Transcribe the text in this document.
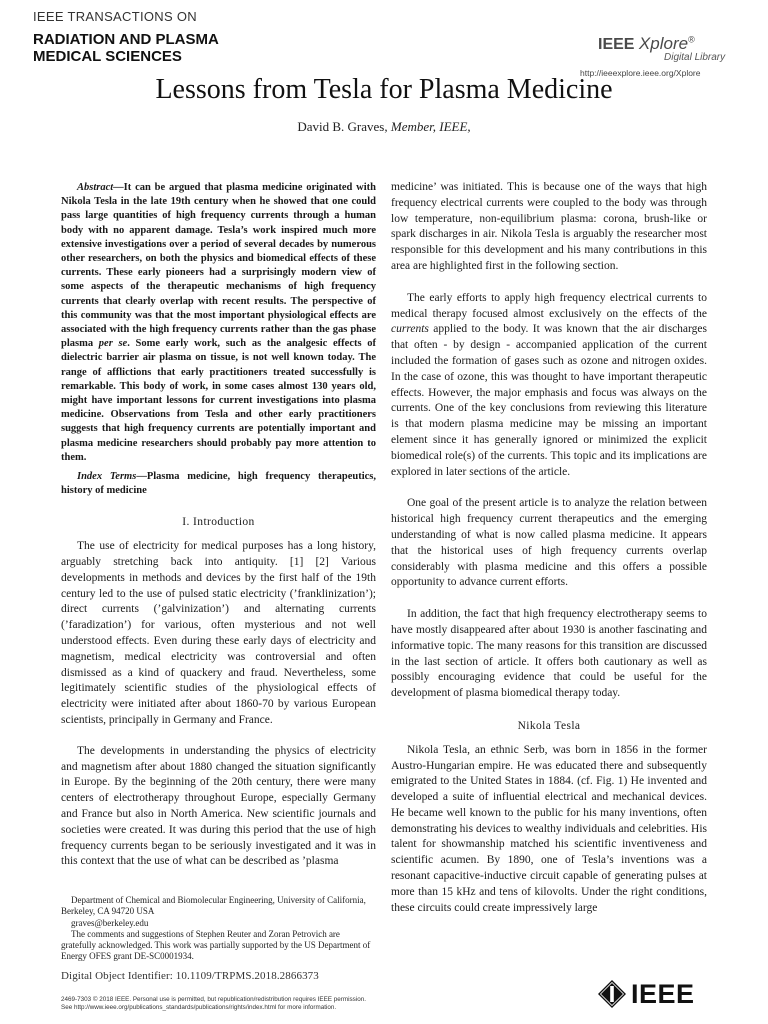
IEEE TRANSACTIONS ON
RADIATION AND PLASMA
MEDICAL SCIENCES
IEEE Xplore®
Digital Library
http://ieeexplore.ieee.org/Xplore
Lessons from Tesla for Plasma Medicine
David B. Graves, Member, IEEE,

Abstract—It can be argued that plasma medicine originated with Nikola Tesla in the late 19th century when he showed that one could pass large quantities of high frequency currents through a human body with no apparent damage. Tesla’s work inspired much more extensive investigations over a period of several decades by numerous other researchers, on both the physics and biomedical effects of these currents. These early pioneers had a surprisingly modern view of some aspects of the therapeutic mechanisms of high frequency currents that clearly overlap with recent results. The perspective of this community was that the most important physiological effects are associated with the high frequency currents rather than the gas phase plasma per se. Some early work, such as the analgesic effects of dielectric barrier air plasma on tissue, is not well known today. The range of afflictions that early practitioners treated successfully is remarkable. This body of work, in some cases almost 130 years old, might have important lessons for current investigations into plasma medicine. Observations from Tesla and other early practitioners suggests that high frequency currents are potentially important and plasma medicine researchers should probably pay more attention to them.

Index Terms—Plasma medicine, high frequency therapeutics, history of medicine

I. Introduction

The use of electricity for medical purposes has a long history, arguably stretching back into antiquity. [1] [2] Various developments in methods and devices by the first half of the 19th century led to the use of pulsed static electricity (’franklinization’); direct currents (’galvinization’) and alternating currents (’faradization’) for various, often mysterious and not well understood effects. Even during these early days of electricity and magnetism, medical electricity was controversial and often dismissed as a kind of quackery and fraud. Nevertheless, some legitimately scientific studies of the physiological effects of electricity were initiated after about 1860-70 by various European scientists, principally in Germany and France.

The developments in understanding the physics of electricity and magnetism after about 1880 changed the situation significantly in Europe. By the beginning of the 20th century, there were many centers of electrotherapy throughout Europe, especially Germany and France but also in North America. New scientific journals and societies were created. It was during this period that the use of high frequency currents began to be seriously investigated and it was in this context that the use of what can be described as ’plasma

medicine’ was initiated. This is because one of the ways that high frequency electrical currents were coupled to the body was through low temperature, non-equilibrium plasma: corona, brush-like or spark discharges in air. Nikola Tesla is arguably the researcher most responsible for this development and his many contributions in this area are highlighted first in the following section.

The early efforts to apply high frequency electrical currents to medical therapy focused almost exclusively on the effects of the currents applied to the body. It was known that the air discharges that often - by design - accompanied application of the current included the formation of gases such as ozone and nitrogen oxides. In the case of ozone, this was thought to have important therapeutic effects. However, the major emphasis and focus was always on the currents. One of the key conclusions from reviewing this literature is that modern plasma medicine may be missing an important element since it has generally ignored or minimized the explicit biomedical role(s) of the currents. This topic and its implications are explored in later sections of the article.

One goal of the present article is to analyze the relation between historical high frequency current therapeutics and the emerging understanding of what is now called plasma medicine. It appears that the historical uses of high frequency currents overlap considerably with plasma medicine and this offers a possible opportunity to advance current efforts.

In addition, the fact that high frequency electrotherapy seems to have mostly disappeared after about 1930 is another fascinating and informative topic. The many reasons for this transition are discussed in the last section of article. It offers both cautionary as well as possibly encouraging evidence that could be useful for the development of plasma biomedical therapy today.

Nikola Tesla

Nikola Tesla, an ethnic Serb, was born in 1856 in the former Austro-Hungarian empire. He was educated there and subsequently emigrated to the United States in 1884. (cf. Fig. 1) He invented and developed a suite of influential electrical and mechanical devices. He became well known to the public for his many inventions, often demonstrating his devices to wealthy individuals and celebrities. His talent for showmanship matched his scientific inventiveness and scientific acumen. By 1890, one of Tesla’s inventions was a resonant capacitive-inductive circuit capable of generating pulses at more than 15 kHz and tens of kilovolts. Under the right conditions, these circuits could create impressively large

Department of Chemical and Biomolecular Engineering, University of California, Berkeley, CA 94720 USA

graves@berkeley.edu

The comments and suggestions of Stephen Reuter and Zoran Petrovich are gratefully acknowledged. This work was partially supported by the US Department of Energy OFES grant DE-SC0001934.

Digital Object Identifier: 10.1109/TRPMS.2018.2866373
2469-7303 © 2018 IEEE. Personal use is permitted, but republication/redistribution requires IEEE permission.
See http://www.ieee.org/publications_standards/publications/rights/index.html for more information.	IEEE
